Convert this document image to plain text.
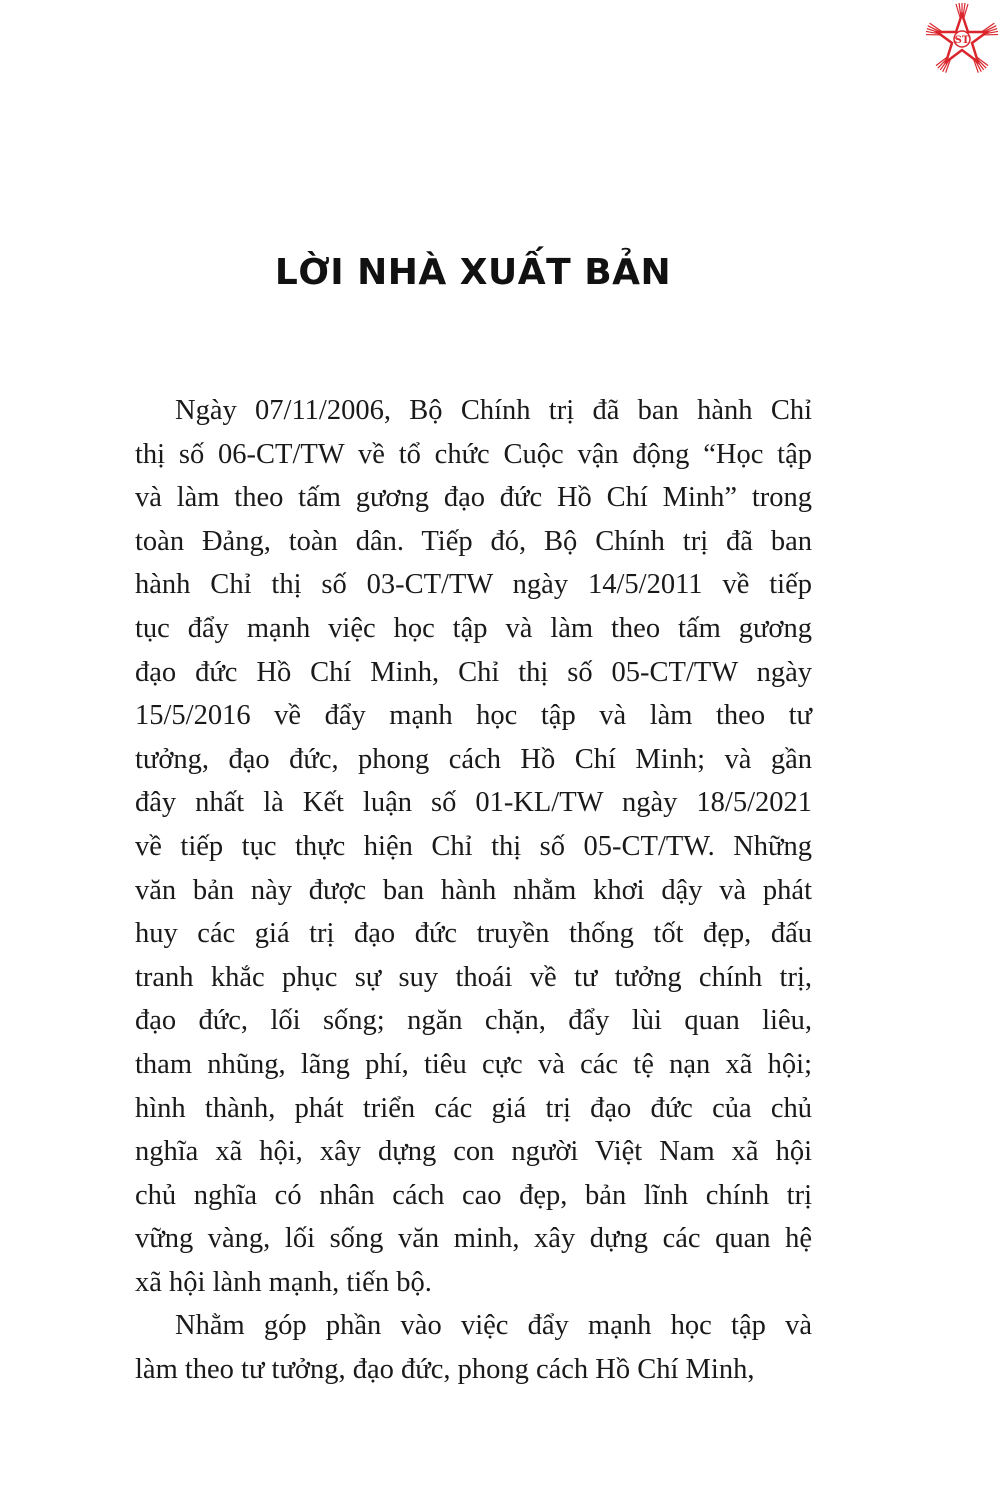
ST
LỜI NHÀ XUẤT BẢN
Ngày 07/11/2006, Bộ Chính trị đã ban hành Chỉ
thị số 06-CT/TW về tổ chức Cuộc vận động “Học tập
và làm theo tấm gương đạo đức Hồ Chí Minh” trong
toàn Đảng, toàn dân. Tiếp đó, Bộ Chính trị đã ban
hành Chỉ thị số 03-CT/TW ngày 14/5/2011 về tiếp
tục đẩy mạnh việc học tập và làm theo tấm gương
đạo đức Hồ Chí Minh, Chỉ thị số 05-CT/TW ngày
15/5/2016 về đẩy mạnh học tập và làm theo tư
tưởng, đạo đức, phong cách Hồ Chí Minh; và gần
đây nhất là Kết luận số 01-KL/TW ngày 18/5/2021
về tiếp tục thực hiện Chỉ thị số 05-CT/TW. Những
văn bản này được ban hành nhằm khơi dậy và phát
huy các giá trị đạo đức truyền thống tốt đẹp, đấu
tranh khắc phục sự suy thoái về tư tưởng chính trị,
đạo đức, lối sống; ngăn chặn, đẩy lùi quan liêu,
tham nhũng, lãng phí, tiêu cực và các tệ nạn xã hội;
hình thành, phát triển các giá trị đạo đức của chủ
nghĩa xã hội, xây dựng con người Việt Nam xã hội
chủ nghĩa có nhân cách cao đẹp, bản lĩnh chính trị
vững vàng, lối sống văn minh, xây dựng các quan hệ
xã hội lành mạnh, tiến bộ.
Nhằm góp phần vào việc đẩy mạnh học tập và
làm theo tư tưởng, đạo đức, phong cách Hồ Chí Minh,
